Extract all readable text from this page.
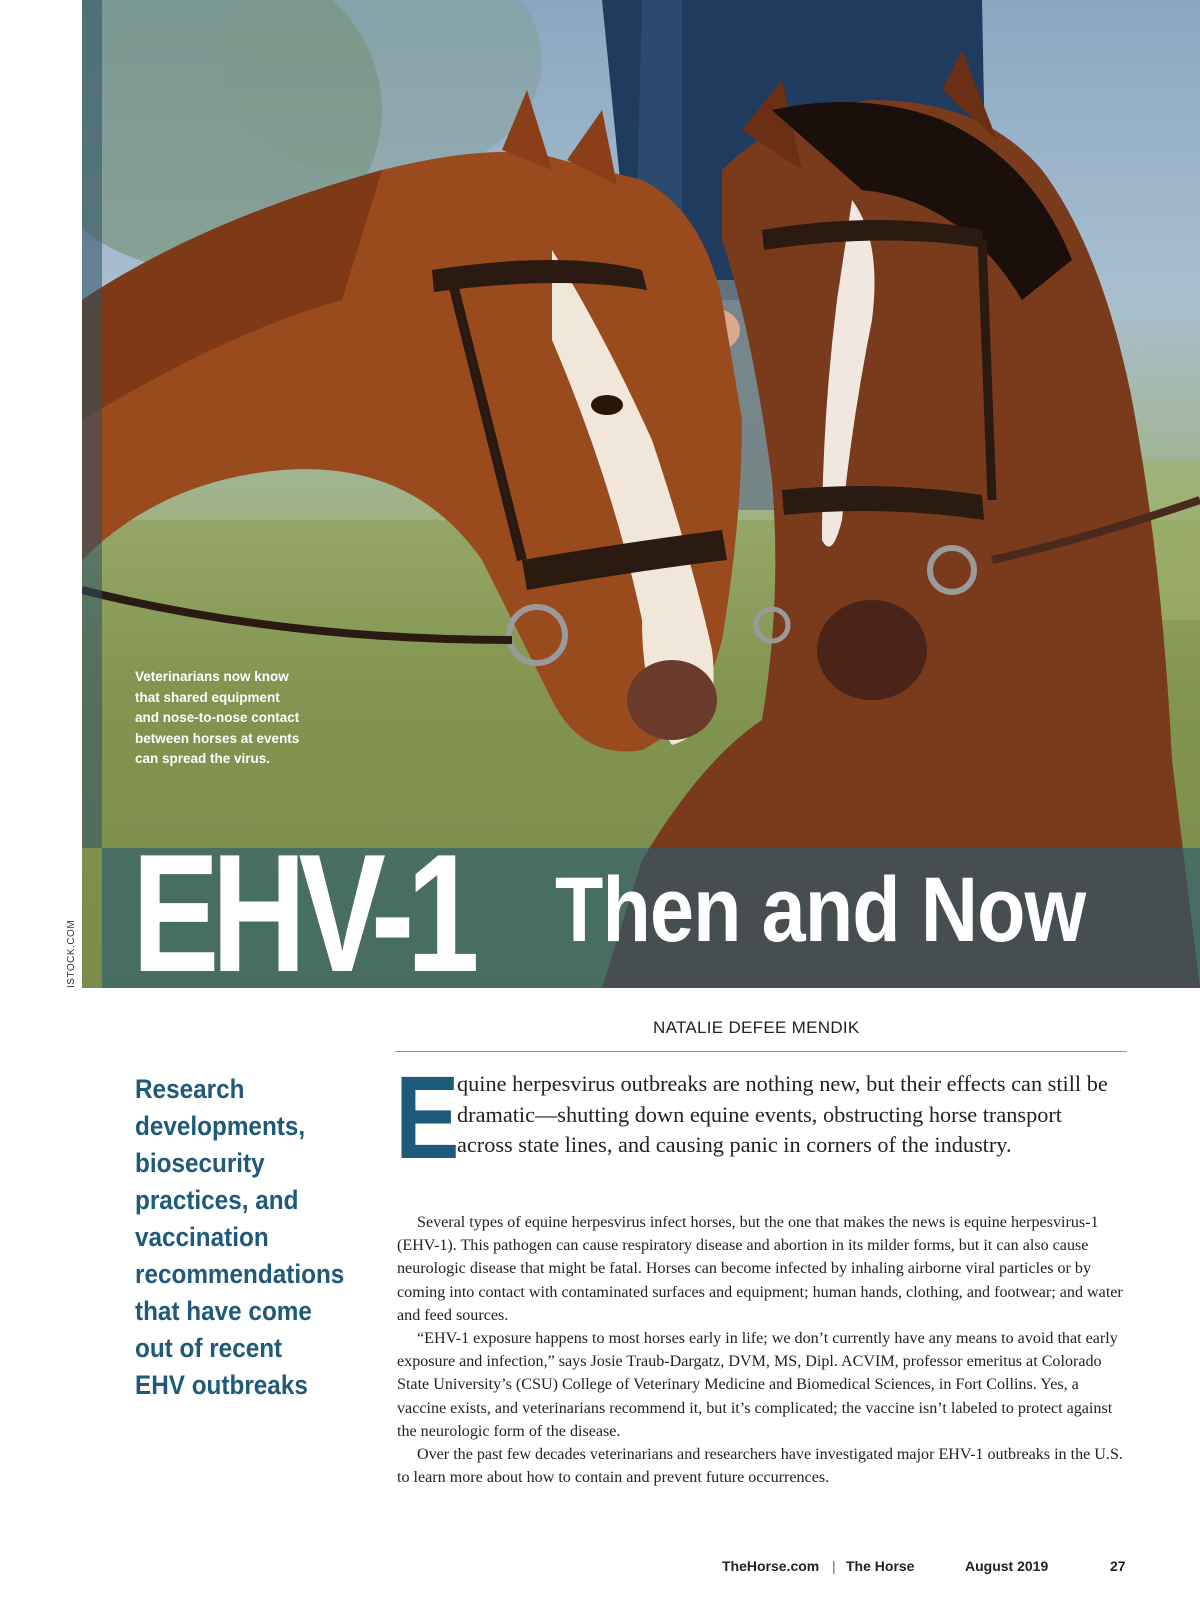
Veterinarians now know that shared equipment and nose-to-nose contact between horses at events can spread the virus.
EHV-1 Then and Now
ISTOCK.COM
NATALIE DEFEE MENDIK
Research developments, biosecurity practices, and vaccination recommendations that have come out of recent EHV outbreaks
E
quine herpesvirus outbreaks are nothing new, but their effects can still be dramatic—shutting down equine events, obstructing horse transport across state lines, and causing panic in corners of the industry.

Several types of equine herpesvirus infect horses, but the one that makes the news is equine herpesvirus-1 (EHV-1). This pathogen can cause respiratory disease and abortion in its milder forms, but it can also cause neurologic disease that might be fatal. Horses can become infected by inhaling airborne viral particles or by coming into contact with contaminated surfaces and equipment; human hands, clothing, and footwear; and water and feed sources.

“EHV-1 exposure happens to most horses early in life; we don’t currently have any means to avoid that early exposure and infection,” says Josie Traub-Dargatz, DVM, MS, Dipl. ACVIM, professor emeritus at Colorado State University’s (CSU) College of Veterinary Medicine and Biomedical Sciences, in Fort Collins. Yes, a vaccine exists, and veterinarians recommend it, but it’s complicated; the vaccine isn’t labeled to protect against the neurologic form of the disease.

Over the past few decades veterinarians and researchers have investigated major EHV-1 outbreaks in the U.S. to learn more about how to contain and prevent future occurrences.

TheHorse.com | The Horse	August 2019	27
